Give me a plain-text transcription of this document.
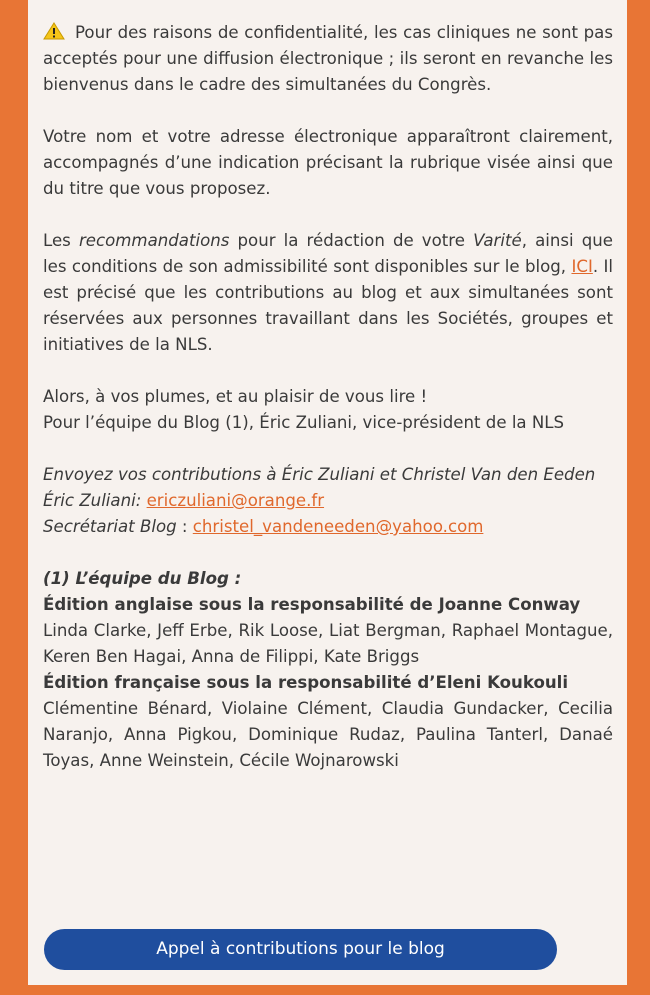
Pour des raisons de confidentialité, les cas cliniques ne sont pas acceptés pour une diffusion électronique ; ils seront en revanche les bienvenus dans le cadre des simultanées du Congrès.

Votre nom et votre adresse électronique apparaîtront clairement, accompagnés d’une indication précisant la rubrique visée ainsi que du titre que vous proposez.

Les recommandations pour la rédaction de votre Varité, ainsi que les conditions de son admissibilité sont disponibles sur le blog, ICI. Il est précisé que les contributions au blog et aux simultanées sont réservées aux personnes travaillant dans les Sociétés, groupes et initiatives de la NLS.

Alors, à vos plumes, et au plaisir de vous lire !

Pour l’équipe du Blog (1), Éric Zuliani, vice-président de la NLS

Envoyez vos contributions à Éric Zuliani et Christel Van den Eeden

Éric Zuliani: ericzuliani@orange.fr

Secrétariat Blog : christel_vandeneeden@yahoo.com

(1) L’équipe du Blog :

Édition anglaise sous la responsabilité de Joanne Conway

Linda Clarke, Jeff Erbe, Rik Loose, Liat Bergman, Raphael Montague, Keren Ben Hagai, Anna de Filippi, Kate Briggs

Édition française sous la responsabilité d’Eleni Koukouli

Clémentine Bénard, Violaine Clément, Claudia Gundacker, Cecilia Naranjo, Anna Pigkou, Dominique Rudaz, Paulina Tanterl, Danaé Toyas, Anne Weinstein, Cécile Wojnarowski

Appel à contributions pour le blog
